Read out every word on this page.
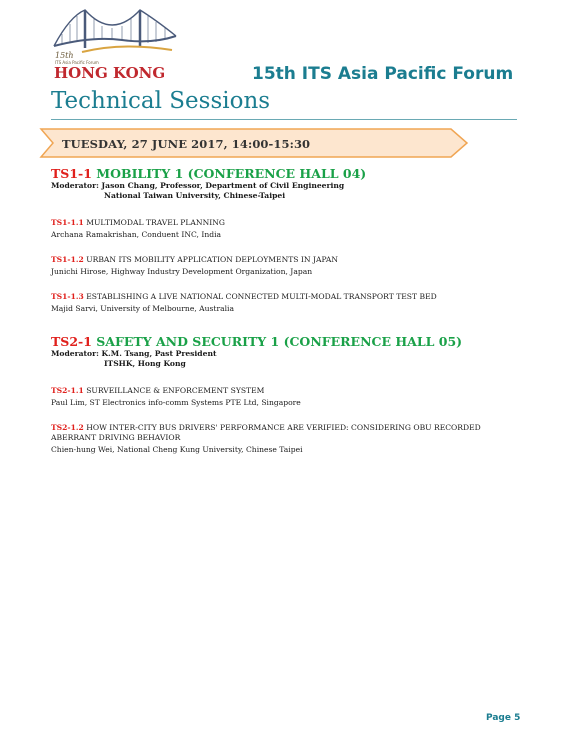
15th
ITS Asia Pacific Forum
HONG KONG	15th ITS Asia Pacific Forum
Technical Sessions
TUESDAY, 27 JUNE 2017, 14:00-15:30
TS1-1 MOBILITY 1 (CONFERENCE HALL 04)
Moderator: Jason Chang, Professor, Department of Civil Engineering
National Taiwan University, Chinese-Taipei
TS1-1.1 MULTIMODAL TRAVEL PLANNING
Archana Ramakrishan, Conduent INC, India
TS1-1.2 URBAN ITS MOBILITY APPLICATION DEPLOYMENTS IN JAPAN
Junichi Hirose, Highway Industry Development Organization, Japan
TS1-1.3 ESTABLISHING A LIVE NATIONAL CONNECTED MULTI-MODAL TRANSPORT TEST BED
Majid Sarvi, University of Melbourne, Australia
TS2-1 SAFETY AND SECURITY 1 (CONFERENCE HALL 05)
Moderator: K.M. Tsang, Past President
ITSHK, Hong Kong
TS2-1.1 SURVEILLANCE & ENFORCEMENT SYSTEM
Paul Lim, ST Electronics info-comm Systems PTE Ltd, Singapore
TS2-1.2 HOW INTER-CITY BUS DRIVERS' PERFORMANCE ARE VERIFIED: CONSIDERING OBU RECORDED ABERRANT DRIVING BEHAVIOR
Chien-hung Wei, National Cheng Kung University, Chinese Taipei
Page 5
